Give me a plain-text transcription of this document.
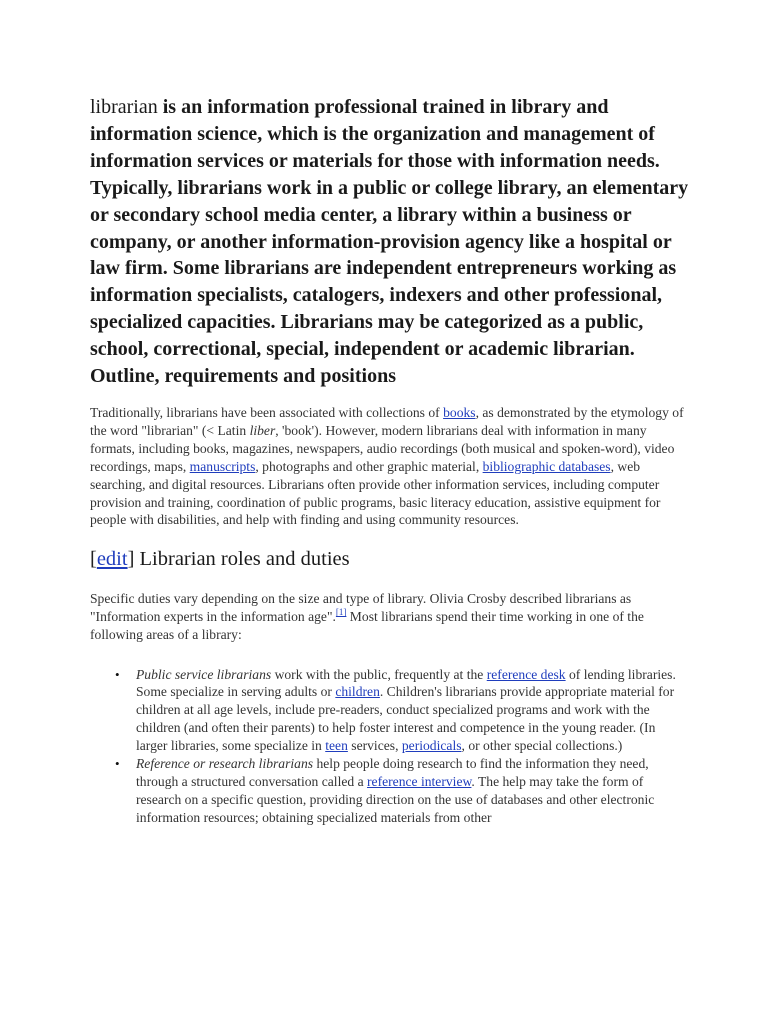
librarian is an information professional trained in library and information science, which is the organization and management of information services or materials for those with information needs. Typically, librarians work in a public or college library, an elementary or secondary school media center, a library within a business or company, or another information-provision agency like a hospital or law firm. Some librarians are independent entrepreneurs working as information specialists, catalogers, indexers and other professional, specialized capacities. Librarians may be categorized as a public, school, correctional, special, independent or academic librarian. Outline, requirements and positions

Traditionally, librarians have been associated with collections of books, as demonstrated by the etymology of the word "librarian" (< Latin liber, 'book'). However, modern librarians deal with information in many formats, including books, magazines, newspapers, audio recordings (both musical and spoken-word), video recordings, maps, manuscripts, photographs and other graphic material, bibliographic databases, web searching, and digital resources. Librarians often provide other information services, including computer provision and training, coordination of public programs, basic literacy education, assistive equipment for people with disabilities, and help with finding and using community resources.

[edit] Librarian roles and duties

Specific duties vary depending on the size and type of library. Olivia Crosby described librarians as "Information experts in the information age".[1] Most librarians spend their time working in one of the following areas of a library:

• Public service librarians work with the public, frequently at the reference desk of lending libraries. Some specialize in serving adults or children. Children's librarians provide appropriate material for children at all age levels, include pre-readers, conduct specialized programs and work with the children (and often their parents) to help foster interest and competence in the young reader. (In larger libraries, some specialize in teen services, periodicals, or other special collections.)
• Reference or research librarians help people doing research to find the information they need, through a structured conversation called a reference interview. The help may take the form of research on a specific question, providing direction on the use of databases and other electronic information resources; obtaining specialized materials from other
